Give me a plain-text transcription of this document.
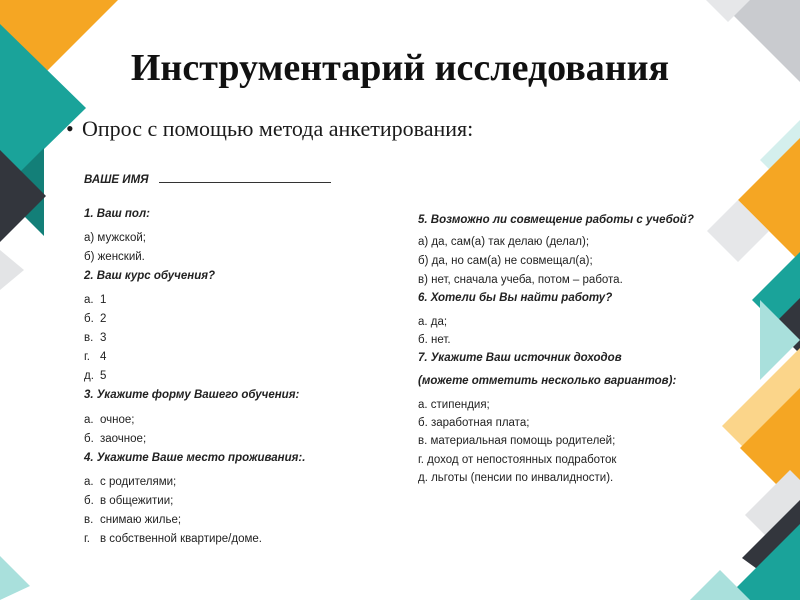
Инструментарий исследования
• Опрос с помощью метода анкетирования:
ВАШЕ ИМЯ
1. Ваш пол:
а) мужской;
б) женский.
2. Ваш курс обучения?
а. 1
б. 2
в. 3
г. 4
д. 5
3. Укажите форму Вашего обучения:
а. очное;
б. заочное;
4. Укажите Ваше место проживания:.
а. с родителями;
б. в общежитии;
в. снимаю жилье;
г. в собственной квартире/доме.
5. Возможно ли совмещение работы с учебой?
а) да, сам(а) так делаю (делал);
б) да, но сам(а) не совмещал(а);
в) нет, сначала учеба, потом – работа.
6. Хотели бы Вы найти работу?
а. да;
б. нет.
7. Укажите Ваш источник доходов
(можете отметить несколько вариантов):
а. стипендия;
б. заработная плата;
в. материальная помощь родителей;
г. доход от непостоянных подработок
д. льготы (пенсии по инвалидности).
